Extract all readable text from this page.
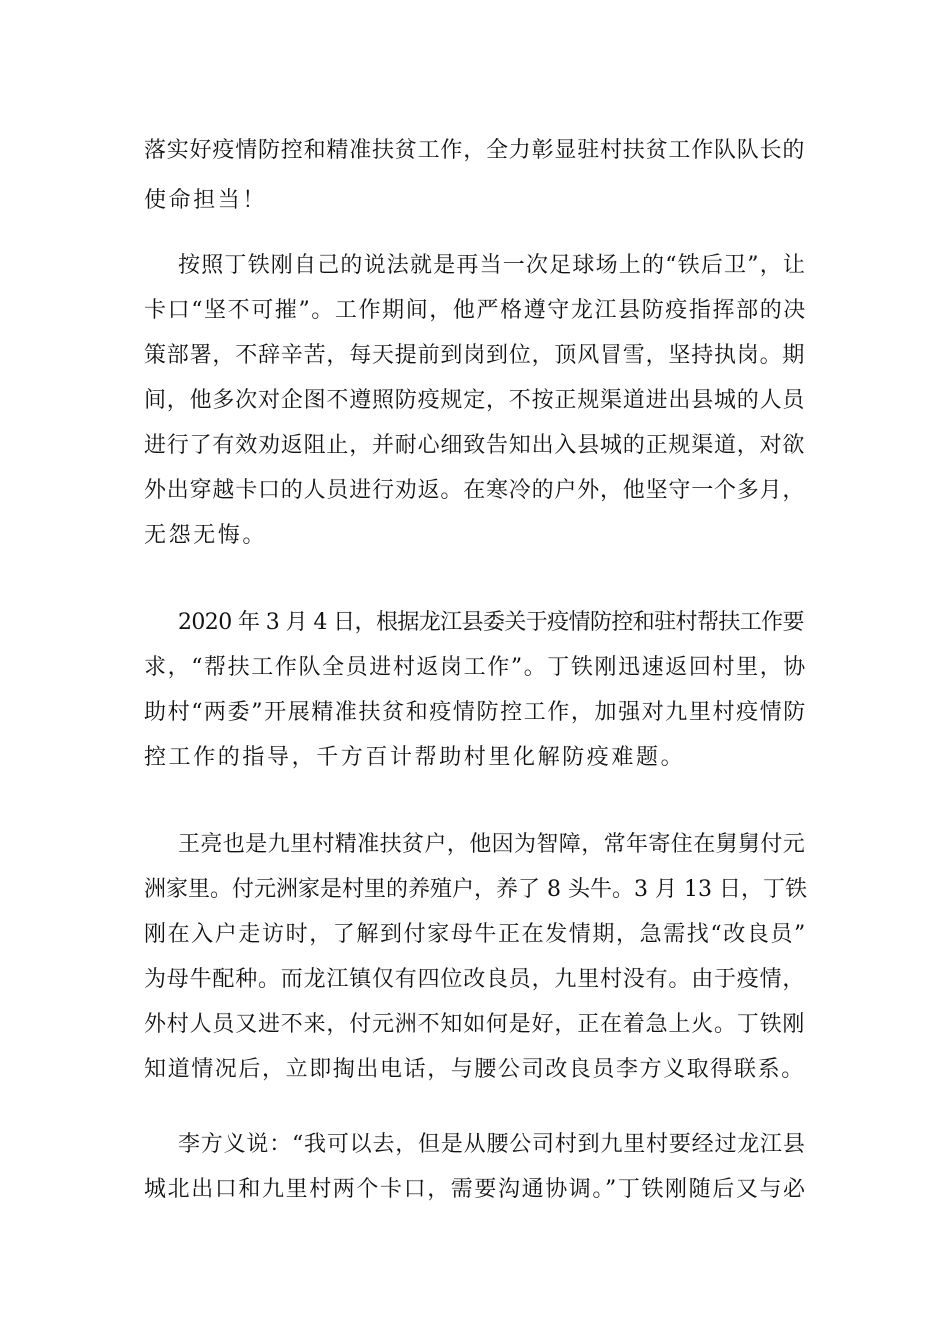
落实好疫情防控和精准扶贫工作，全力彰显驻村扶贫工作队队长的
使命担当！
按照丁铁刚自己的说法就是再当一次足球场上的“铁后卫”，让
卡口“坚不可摧”。工作期间，他严格遵守龙江县防疫指挥部的决
策部署，不辞辛苦，每天提前到岗到位，顶风冒雪，坚持执岗。期
间，他多次对企图不遵照防疫规定，不按正规渠道进出县城的人员
进行了有效劝返阻止，并耐心细致告知出入县城的正规渠道，对欲
外出穿越卡口的人员进行劝返。在寒冷的户外，他坚守一个多月，
无怨无悔。
2020 年 3 月 4 日，根据龙江县委关于疫情防控和驻村帮扶工作要
求，“帮扶工作队全员进村返岗工作”。丁铁刚迅速返回村里，协
助村“两委”开展精准扶贫和疫情防控工作，加强对九里村疫情防
控工作的指导，千方百计帮助村里化解防疫难题。
王亮也是九里村精准扶贫户，他因为智障，常年寄住在舅舅付元
洲家里。付元洲家是村里的养殖户，养了 8 头牛。3 月 13 日，丁铁
刚在入户走访时，了解到付家母牛正在发情期，急需找“改良员”
为母牛配种。而龙江镇仅有四位改良员，九里村没有。由于疫情，
外村人员又进不来，付元洲不知如何是好，正在着急上火。丁铁刚
知道情况后，立即掏出电话，与腰公司改良员李方义取得联系。
李方义说：“我可以去，但是从腰公司村到九里村要经过龙江县
城北出口和九里村两个卡口，需要沟通协调。”丁铁刚随后又与必
